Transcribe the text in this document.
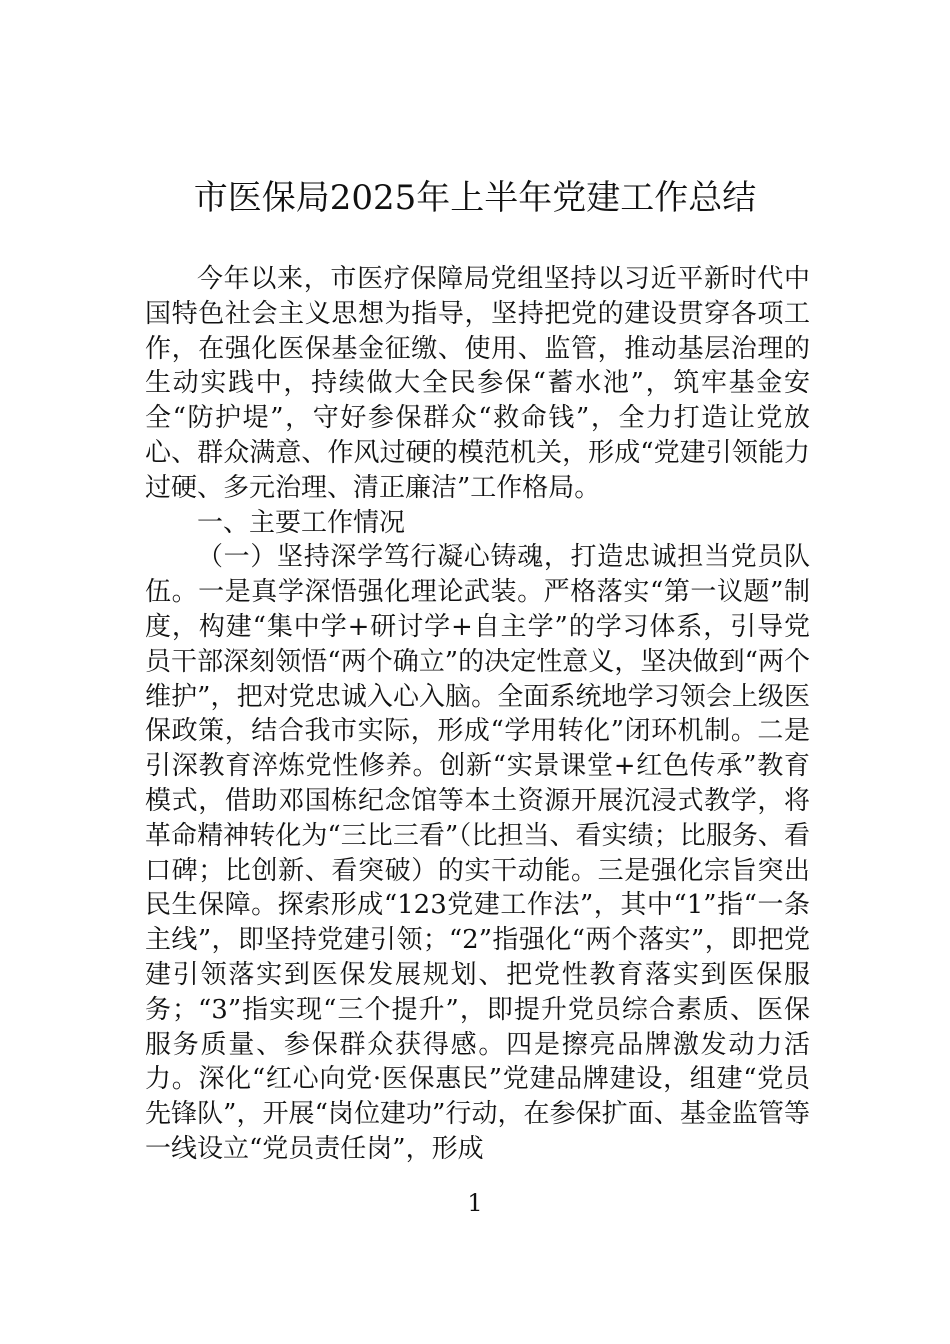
市医保局2025年上半年党建工作总结

今年以来，市医疗保障局党组坚持以习近平新时代中国特色社会主义思想为指导，坚持把党的建设贯穿各项工作，在强化医保基金征缴、使用、监管，推动基层治理的生动实践中，持续做大全民参保“蓄水池”，筑牢基金安全“防护堤”，守好参保群众“救命钱”，全力打造让党放心、群众满意、作风过硬的模范机关，形成“党建引领能力过硬、多元治理、清正廉洁”工作格局。

一、主要工作情况

（一）坚持深学笃行凝心铸魂，打造忠诚担当党员队伍。一是真学深悟强化理论武装。严格落实“第一议题”制度，构建“集中学+研讨学+自主学”的学习体系，引导党员干部深刻领悟“两个确立”的决定性意义，坚决做到“两个维护”，把对党忠诚入心入脑。全面系统地学习领会上级医保政策，结合我市实际，形成“学用转化”闭环机制。二是引深教育淬炼党性修养。创新“实景课堂+红色传承”教育模式，借助邓国栋纪念馆等本土资源开展沉浸式教学，将革命精神转化为“三比三看”（比担当、看实绩；比服务、看口碑；比创新、看突破）的实干动能。三是强化宗旨突出民生保障。探索形成“123党建工作法”，其中“1”指“一条主线”，即坚持党建引领；“2”指强化“两个落实”，即把党建引领落实到医保发展规划、把党性教育落实到医保服务；“3”指实现“三个提升”，即提升党员综合素质、医保服务质量、参保群众获得感。四是擦亮品牌激发动力活力。深化“红心向党·医保惠民”党建品牌建设，组建“党员先锋队”，开展“岗位建功”行动，在参保扩面、基金监管等一线设立“党员责任岗”，形成

1
